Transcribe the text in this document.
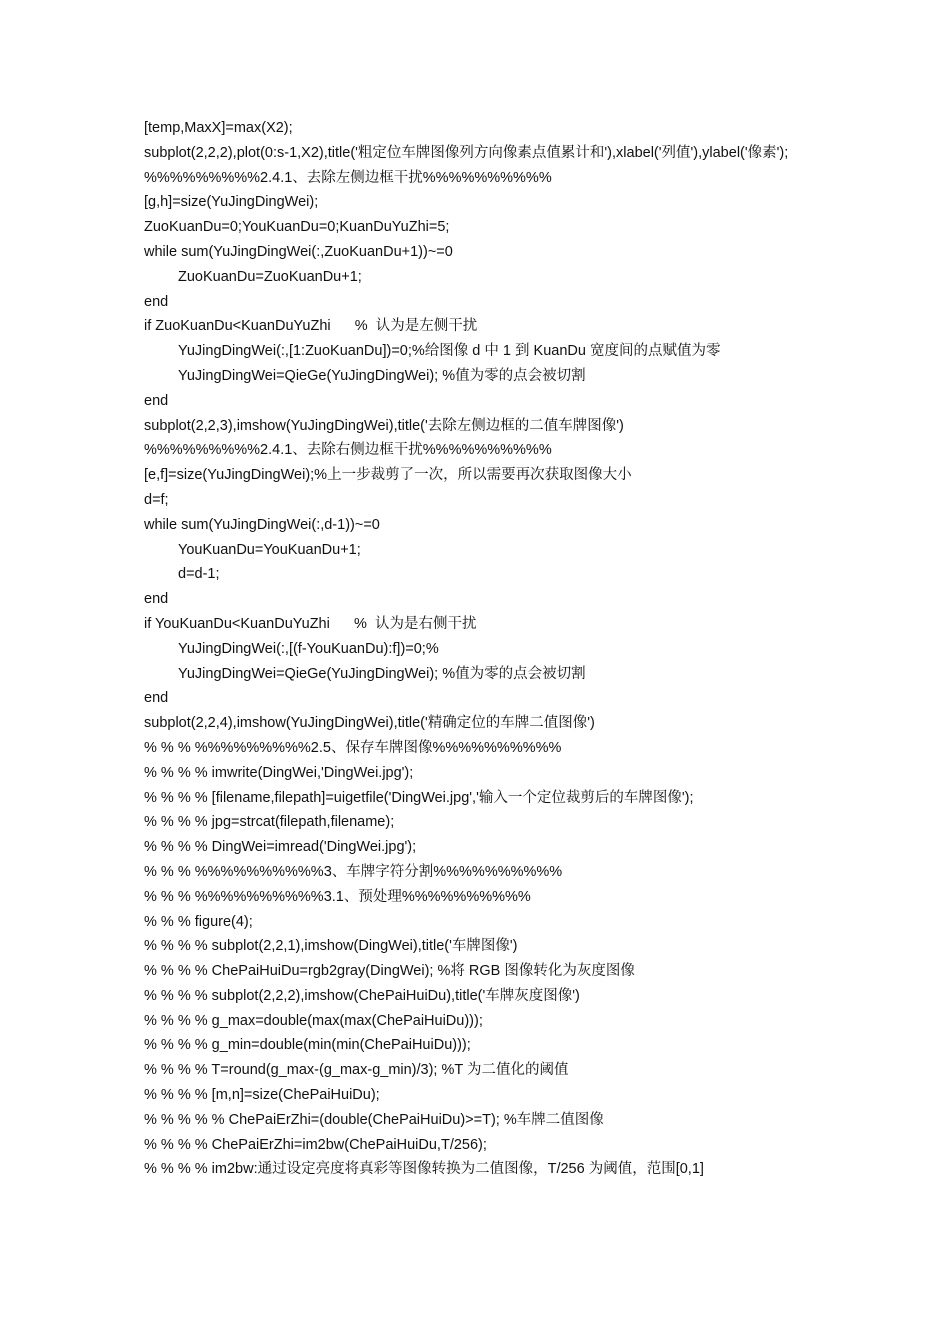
[temp,MaxX]=max(X2);
subplot(2,2,2),plot(0:s-1,X2),title('粗定位车牌图像列方向像素点值累计和'),xlabel('列值'),ylabel('像素');
%%%%%%%%%2.4.1、去除左侧边框干扰%%%%%%%%%%
[g,h]=size(YuJingDingWei);
ZuoKuanDu=0;YouKuanDu=0;KuanDuYuZhi=5;
while sum(YuJingDingWei(:,ZuoKuanDu+1))~=0
ZuoKuanDu=ZuoKuanDu+1;
end
if ZuoKuanDu<KuanDuYuZhi      %  认为是左侧干扰
YuJingDingWei(:,[1:ZuoKuanDu])=0;%给图像 d 中 1 到 KuanDu 宽度间的点赋值为零
YuJingDingWei=QieGe(YuJingDingWei); %值为零的点会被切割
end
subplot(2,2,3),imshow(YuJingDingWei),title('去除左侧边框的二值车牌图像')
%%%%%%%%%2.4.1、去除右侧边框干扰%%%%%%%%%%
[e,f]=size(YuJingDingWei);%上一步裁剪了一次，所以需要再次获取图像大小
d=f;
while sum(YuJingDingWei(:,d-1))~=0
YouKuanDu=YouKuanDu+1;
d=d-1;
end
if YouKuanDu<KuanDuYuZhi      %  认为是右侧干扰
YuJingDingWei(:,[(f-YouKuanDu):f])=0;%
YuJingDingWei=QieGe(YuJingDingWei); %值为零的点会被切割
end
subplot(2,2,4),imshow(YuJingDingWei),title('精确定位的车牌二值图像')
% % % %%%%%%%%%2.5、保存车牌图像%%%%%%%%%%
% % % % imwrite(DingWei,'DingWei.jpg');
% % % % [filename,filepath]=uigetfile('DingWei.jpg','输入一个定位裁剪后的车牌图像');
% % % % jpg=strcat(filepath,filename);
% % % % DingWei=imread('DingWei.jpg');
% % % %%%%%%%%%%3、车牌字符分割%%%%%%%%%%
% % % %%%%%%%%%%3.1、预处理%%%%%%%%%%
% % % figure(4);
% % % % subplot(2,2,1),imshow(DingWei),title('车牌图像')
% % % % ChePaiHuiDu=rgb2gray(DingWei); %将 RGB 图像转化为灰度图像
% % % % subplot(2,2,2),imshow(ChePaiHuiDu),title('车牌灰度图像')
% % % % g_max=double(max(max(ChePaiHuiDu)));
% % % % g_min=double(min(min(ChePaiHuiDu)));
% % % % T=round(g_max-(g_max-g_min)/3); %T 为二值化的阈值
% % % % [m,n]=size(ChePaiHuiDu);
% % % % % ChePaiErZhi=(double(ChePaiHuiDu)>=T); %车牌二值图像
% % % % ChePaiErZhi=im2bw(ChePaiHuiDu,T/256);
% % % % im2bw:通过设定亮度将真彩等图像转换为二值图像，T/256 为阈值，范围[0,1]
